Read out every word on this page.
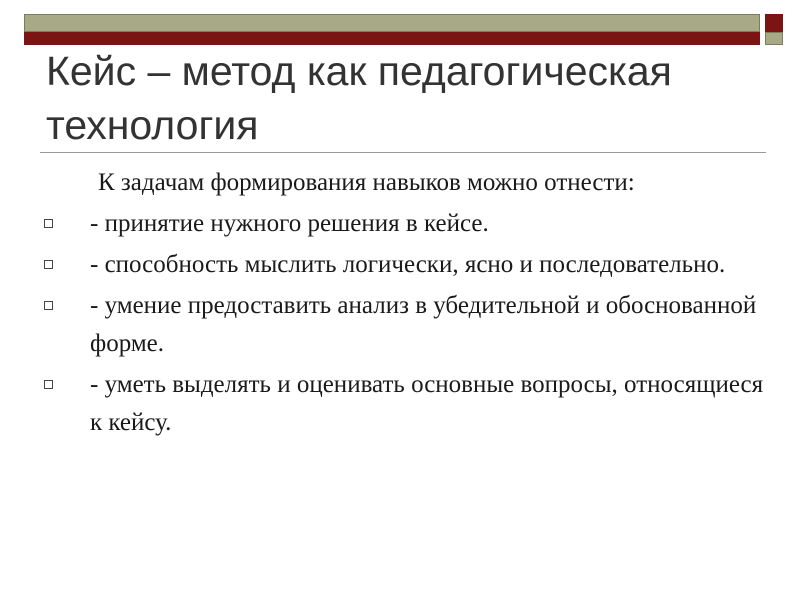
Кейс – метод как педагогическая технология
К задачам формирования навыков можно отнести:
- принятие нужного решения в кейсе.
- способность мыслить логически, ясно и последовательно.
- умение предоставить анализ в убедительной и обоснованной форме.
- уметь выделять и оценивать основные вопросы, относящиеся к кейсу.
